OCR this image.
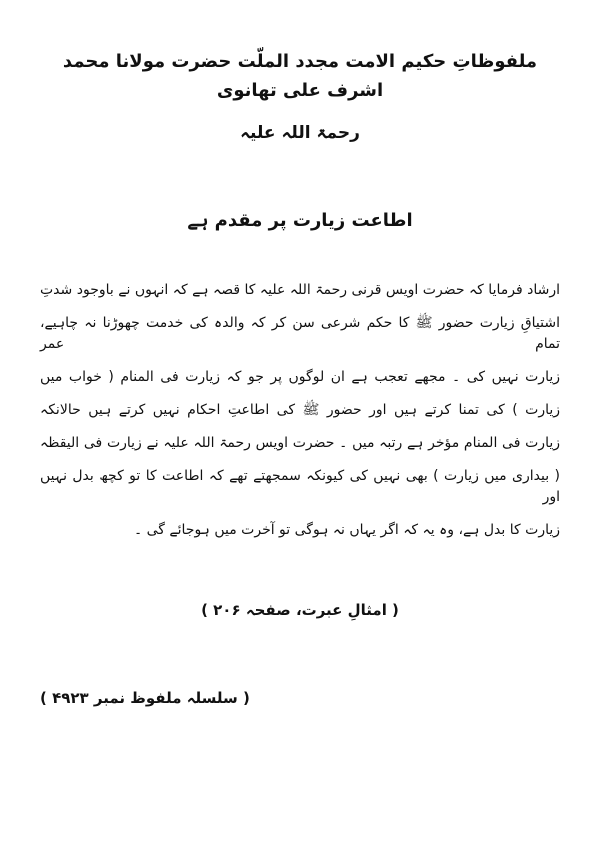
ملفوظاتِ حکیم الامت مجدد الملّت حضرت مولانا محمد اشرف علی تھانوی
رحمۃ اللہ علیہ
اطاعت زیارت پر مقدم ہے
ارشاد فرمایا کہ حضرت اویس قرنی رحمۃ اللہ علیہ کا قصہ ہے کہ انہوں نے باوجود شدتِ
اشتیاقِ زیارت حضور ﷺ کا حکم شرعی سن کر کہ والدہ کی خدمت چھوڑنا نہ چاہیے، تمام عمر
زیارت نہیں کی ۔ مجھے تعجب ہے ان لوگوں پر جو کہ زیارت فی المنام ( خواب میں
زیارت ) کی تمنا کرتے ہیں اور حضور ﷺ کی اطاعتِ احکام نہیں کرتے ہیں حالانکہ
زیارت فی المنام مؤخر ہے رتبہ میں ۔ حضرت اویس رحمۃ اللہ علیہ نے زیارت فی الیقظہ
( بیداری میں زیارت ) بھی نہیں کی کیونکہ سمجھتے تھے کہ اطاعت کا تو کچھ بدل نہیں اور
زیارت کا بدل ہے، وہ یہ کہ اگر یہاں نہ ہوگی تو آخرت میں ہوجائے گی ۔
( امثالِ عبرت، صفحہ ۲۰۶ )
( سلسلہ ملفوظ نمبر ۴۹۲۳ )
